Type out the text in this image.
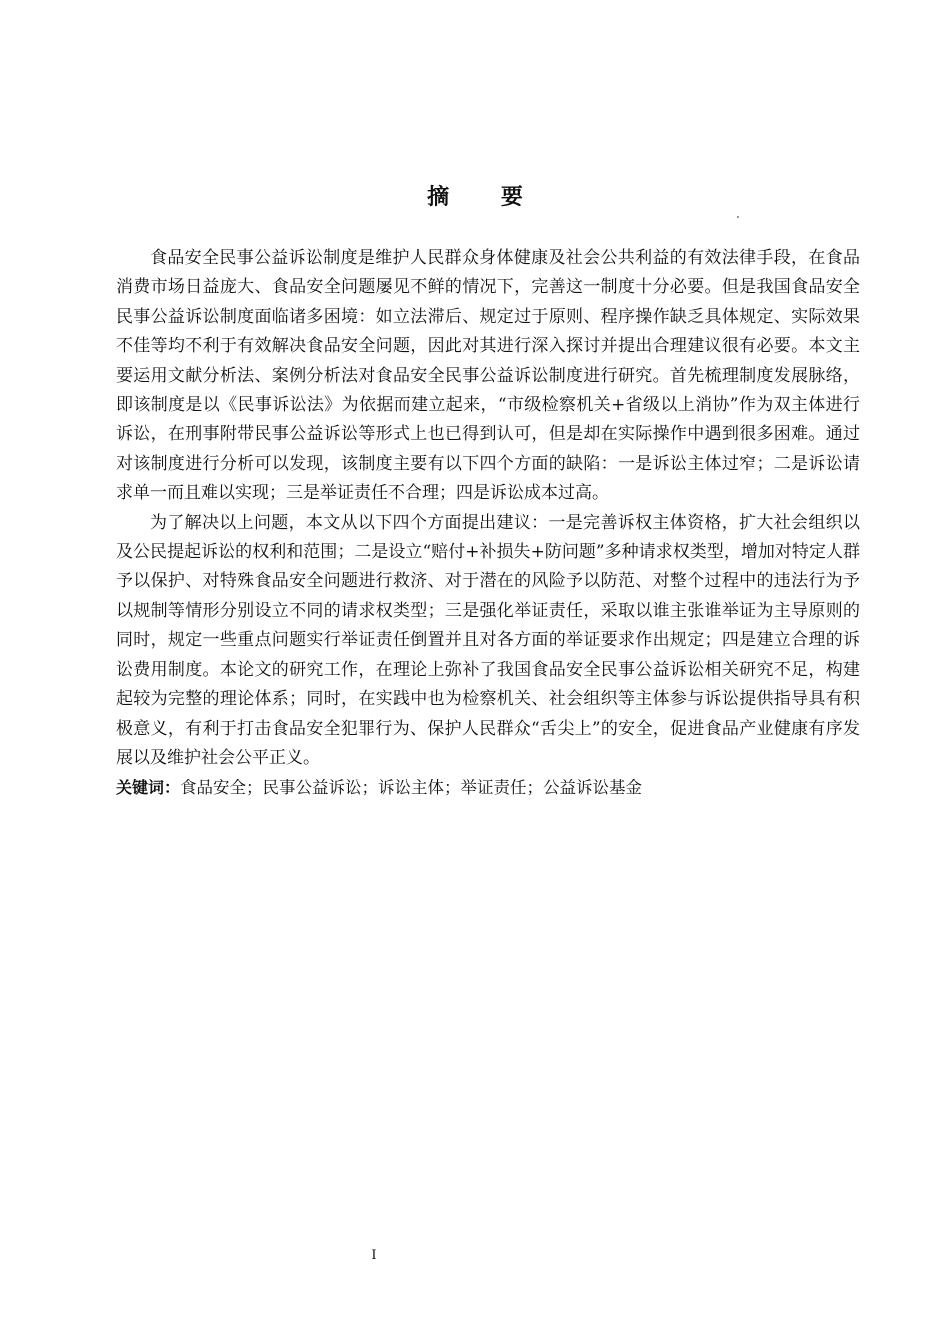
摘 要

食品安全民事公益诉讼制度是维护人民群众身体健康及社会公共利益的有效法律手段，在食品消费市场日益庞大、食品安全问题屡见不鲜的情况下，完善这一制度十分必要。但是我国食品安全民事公益诉讼制度面临诸多困境：如立法滞后、规定过于原则、程序操作缺乏具体规定、实际效果不佳等均不利于有效解决食品安全问题，因此对其进行深入探讨并提出合理建议很有必要。本文主要运用文献分析法、案例分析法对食品安全民事公益诉讼制度进行研究。首先梳理制度发展脉络，即该制度是以《民事诉讼法》为依据而建立起来，“市级检察机关+省级以上消协”作为双主体进行诉讼，在刑事附带民事公益诉讼等形式上也已得到认可，但是却在实际操作中遇到很多困难。通过对该制度进行分析可以发现，该制度主要有以下四个方面的缺陷：一是诉讼主体过窄；二是诉讼请求单一而且难以实现；三是举证责任不合理；四是诉讼成本过高。

为了解决以上问题，本文从以下四个方面提出建议：一是完善诉权主体资格，扩大社会组织以及公民提起诉讼的权利和范围；二是设立“赔付+补损失+防问题”多种请求权类型，增加对特定人群予以保护、对特殊食品安全问题进行救济、对于潜在的风险予以防范、对整个过程中的违法行为予以规制等情形分别设立不同的请求权类型；三是强化举证责任，采取以谁主张谁举证为主导原则的同时，规定一些重点问题实行举证责任倒置并且对各方面的举证要求作出规定；四是建立合理的诉讼费用制度。本论文的研究工作，在理论上弥补了我国食品安全民事公益诉讼相关研究不足，构建起较为完整的理论体系；同时，在实践中也为检察机关、社会组织等主体参与诉讼提供指导具有积极意义，有利于打击食品安全犯罪行为、保护人民群众“舌尖上”的安全，促进食品产业健康有序发展以及维护社会公平正义。

关键词：食品安全；民事公益诉讼；诉讼主体；举证责任；公益诉讼基金
I
